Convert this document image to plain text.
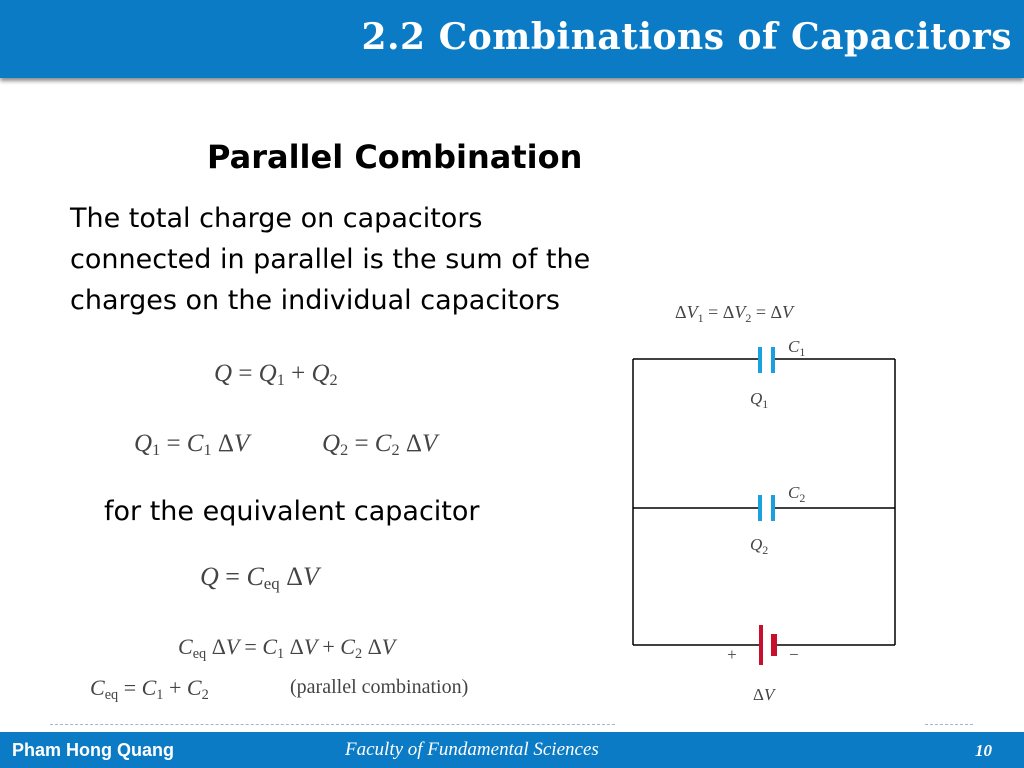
2.2 Combinations of Capacitors
Parallel Combination
The total charge on capacitors
connected in parallel is the sum of the
charges on the individual capacitors
$Q = Q_1 + Q_2$
$Q_1 = C_1$ ΔV	$Q_2 = C_2$ ΔV
for the equivalent capacitor
$Q = C_{eq}$ ΔV
$C_{eq}$ $\Delta V = C_1$ $\Delta V + C_2$ ΔV
$C_{eq} = C_1 + C_2$	(parallel combination)
$\Delta V_1 = \Delta V_2 = \Delta V$
$C_1$
$Q_1$
$C_2$
$Q_2$
+	−
ΔV
Pham Hong Quang	Faculty of Fundamental Sciences	10
